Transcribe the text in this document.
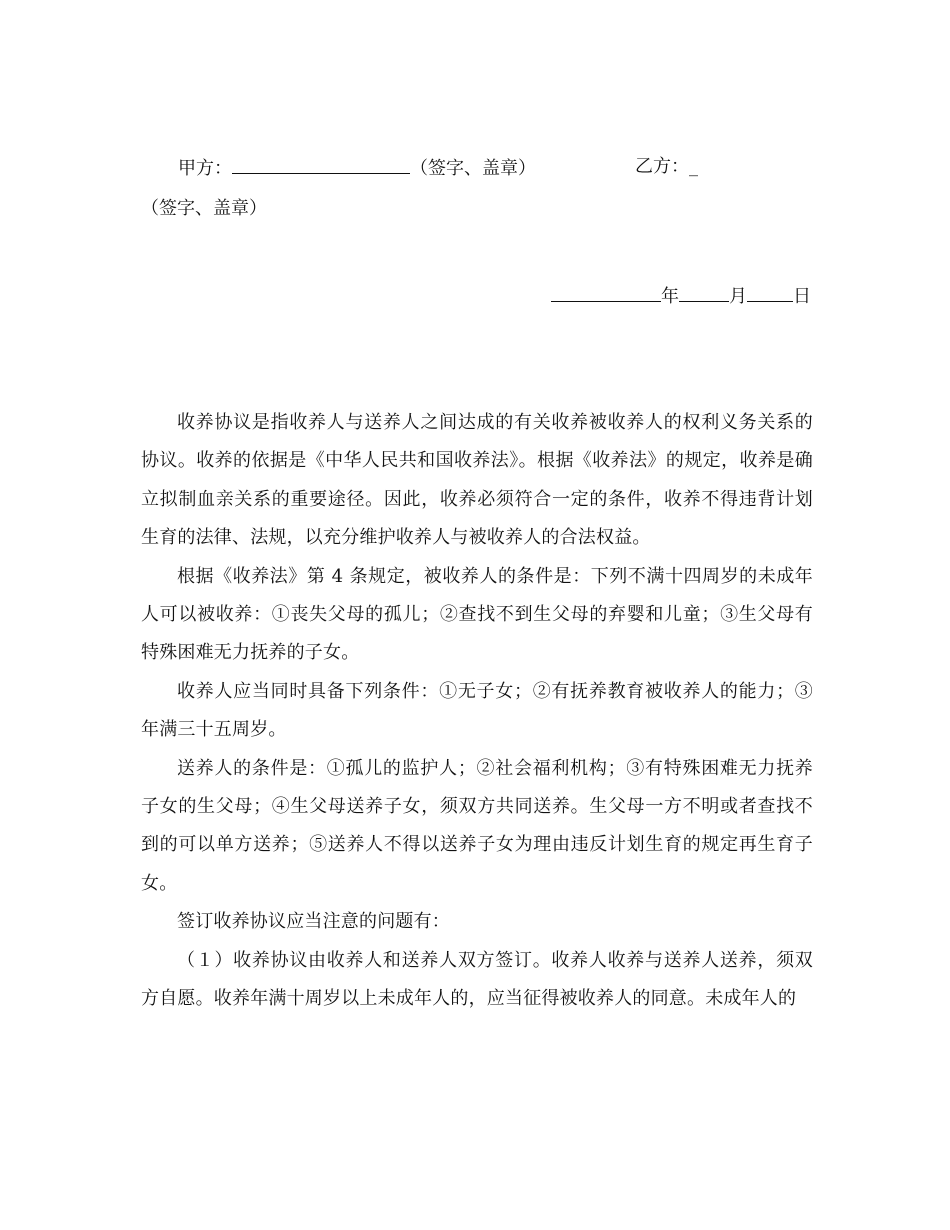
甲方：	（签字、盖章）	乙方：_
（签字、盖章）
年	月	日

收养协议是指收养人与送养人之间达成的有关收养被收养人的权利义务关系的协议。收养的依据是《中华人民共和国收养法》。根据《收养法》的规定，收养是确立拟制血亲关系的重要途径。因此，收养必须符合一定的条件，收养不得违背计划生育的法律、法规，以充分维护收养人与被收养人的合法权益。

根据《收养法》第 4 条规定，被收养人的条件是：下列不满十四周岁的未成年人可以被收养：①丧失父母的孤儿；②查找不到生父母的弃婴和儿童；③生父母有特殊困难无力抚养的子女。

收养人应当同时具备下列条件：①无子女；②有抚养教育被收养人的能力；③年满三十五周岁。

送养人的条件是：①孤儿的监护人；②社会福利机构；③有特殊困难无力抚养子女的生父母；④生父母送养子女，须双方共同送养。生父母一方不明或者查找不到的可以单方送养；⑤送养人不得以送养子女为理由违反计划生育的规定再生育子女。

签订收养协议应当注意的问题有：

（１）收养协议由收养人和送养人双方签订。收养人收养与送养人送养，须双方自愿。收养年满十周岁以上未成年人的，应当征得被收养人的同意。未成年人的
